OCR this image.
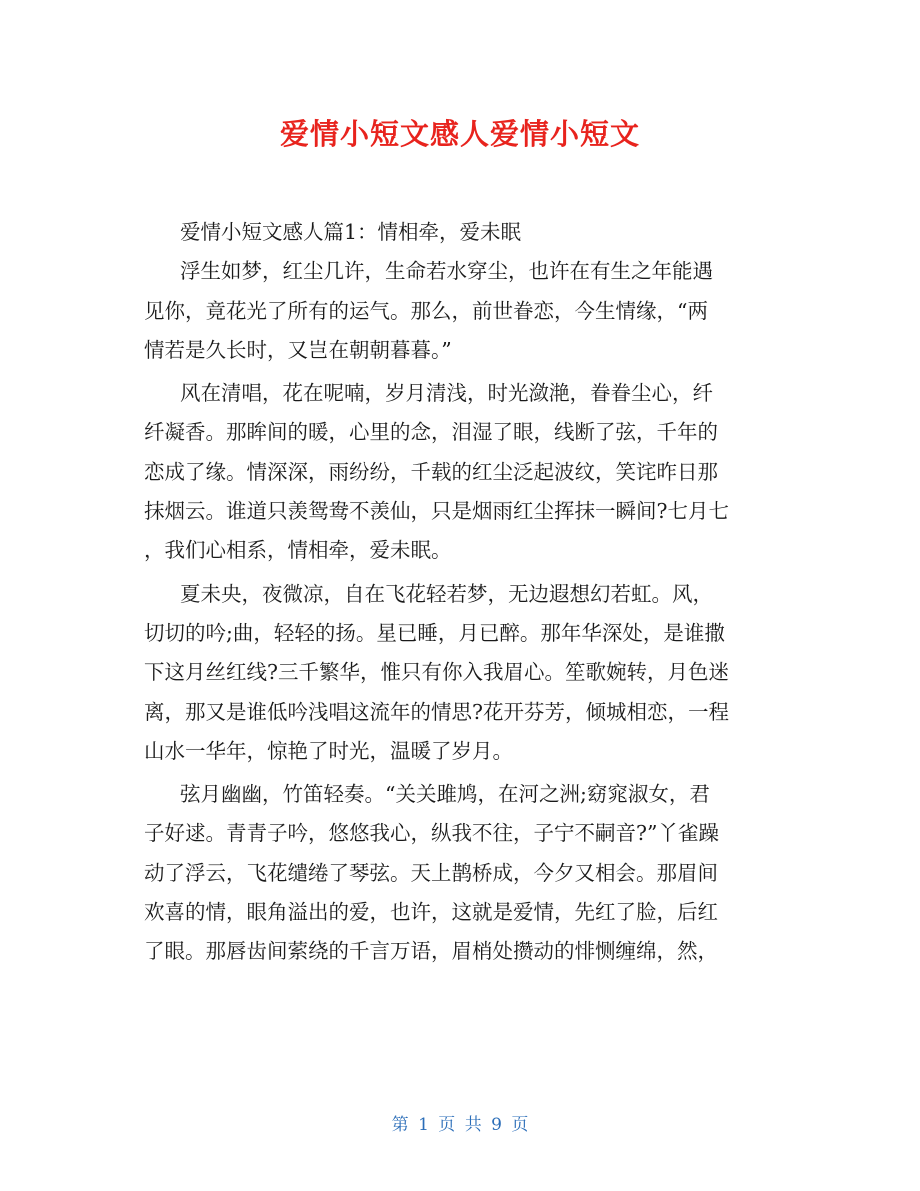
爱情小短文感人爱情小短文
爱情小短文感人篇1：情相牵，爱未眠
浮生如梦，红尘几许，生命若水穿尘，也许在有生之年能遇
见你，竟花光了所有的运气。那么，前世眷恋，今生情缘，“两
情若是久长时，又岂在朝朝暮暮。”
风在清唱，花在呢喃，岁月清浅，时光潋滟，眷眷尘心，纤
纤凝香。那眸间的暖，心里的念，泪湿了眼，线断了弦，千年的
恋成了缘。情深深，雨纷纷，千载的红尘泛起波纹，笑诧昨日那
抹烟云。谁道只羡鸳鸯不羡仙，只是烟雨红尘挥抹一瞬间?七月七
，我们心相系，情相牵，爱未眠。
夏未央，夜微凉，自在飞花轻若梦，无边遐想幻若虹。风，
切切的吟;曲，轻轻的扬。星已睡，月已醉。那年华深处，是谁撒
下这月丝红线?三千繁华，惟只有你入我眉心。笙歌婉转，月色迷
离，那又是谁低吟浅唱这流年的情思?花开芬芳，倾城相恋，一程
山水一华年，惊艳了时光，温暖了岁月。
弦月幽幽，竹笛轻奏。“关关雎鸠，在河之洲;窈窕淑女，君
子好逑。青青子吟，悠悠我心，纵我不往，子宁不嗣音?”丫雀躁
动了浮云，飞花缱绻了琴弦。天上鹊桥成，今夕又相会。那眉间
欢喜的情，眼角溢出的爱，也许，这就是爱情，先红了脸，后红
了眼。那唇齿间萦绕的千言万语，眉梢处攒动的悱恻缠绵，然，
第 1 页 共 9 页
